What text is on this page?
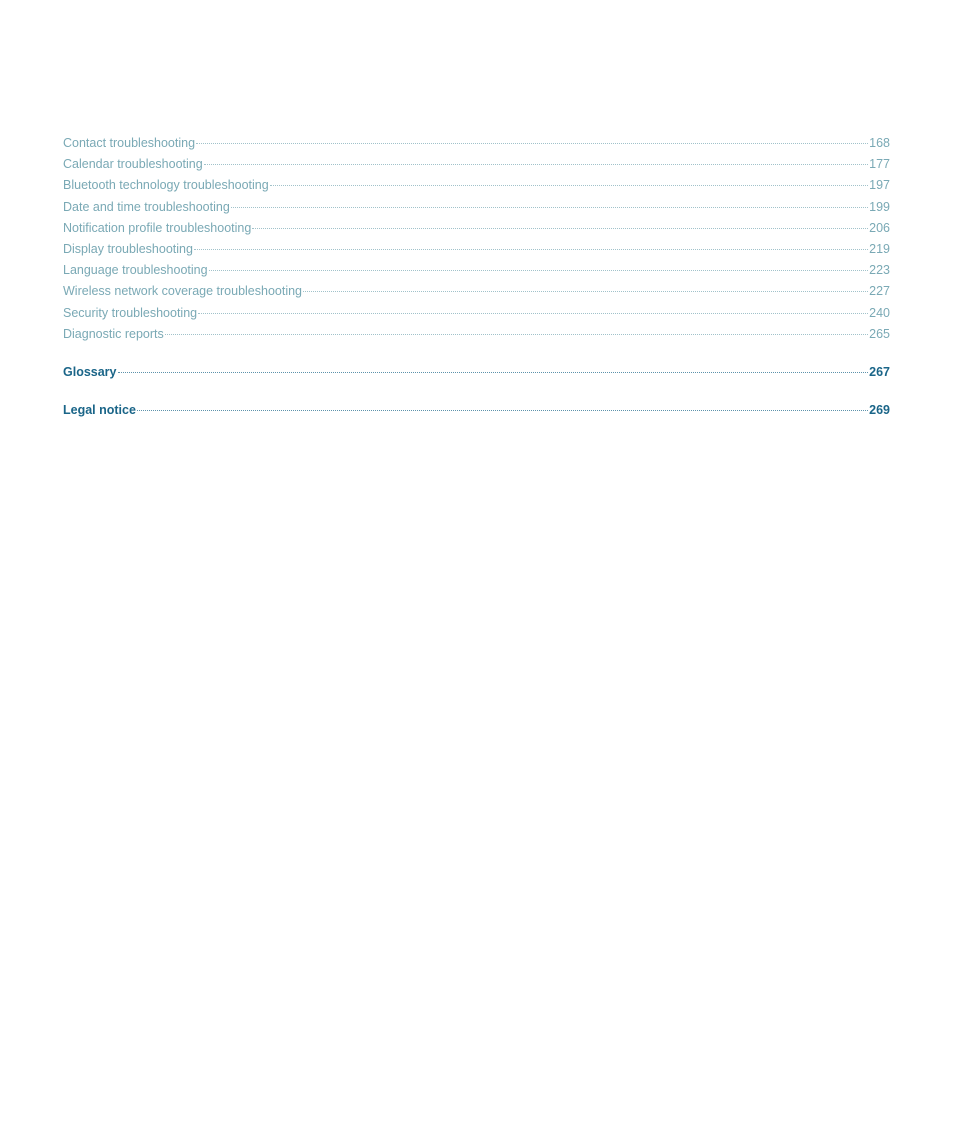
Contact troubleshooting	168
Calendar troubleshooting	177
Bluetooth technology troubleshooting	197
Date and time troubleshooting	199
Notification profile troubleshooting	206
Display troubleshooting	219
Language troubleshooting	223
Wireless network coverage troubleshooting	227
Security troubleshooting	240
Diagnostic reports	265
Glossary	267
Legal notice	269
